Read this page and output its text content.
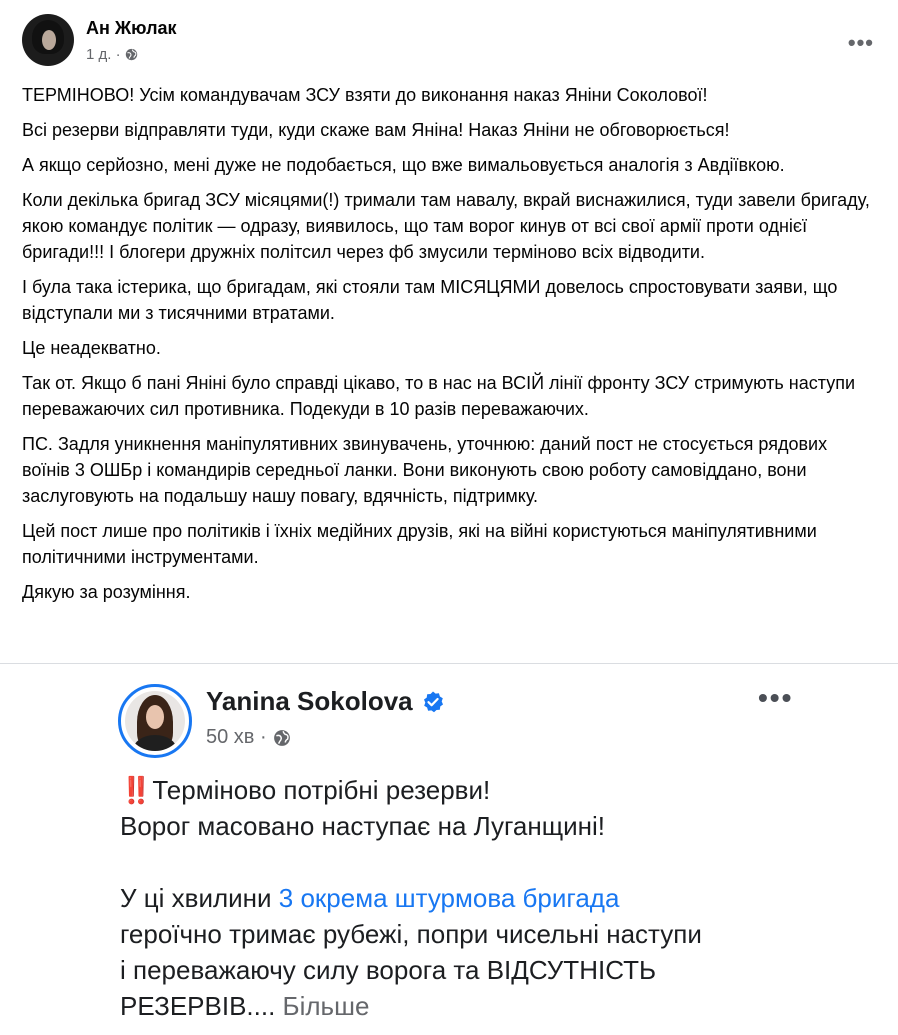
Ан Жюлак
1 д. ·	•••

ТЕРМІНОВО! Усім командувачам ЗСУ взяти до виконання наказ Яніни Соколової!

Всі резерви відправляти туди, куди скаже вам Яніна! Наказ Яніни не обговорюється!

А якщо серйозно, мені дуже не подобається, що вже вимальовується аналогія з Авдіївкою.

Коли декілька бригад ЗСУ місяцями(!) тримали там навалу, вкрай виснажилися, туди завели бригаду, якою командує політик — одразу, виявилось, що там ворог кинув от всі свої армії проти однієї бригади!!! І блогери дружніх політсил через фб змусили терміново всіх відводити.

І була така істерика, що бригадам, які стояли там МІСЯЦЯМИ довелось спростовувати заяви, що відступали ми з тисячними втратами.

Це неадекватно.

Так от. Якщо б пані Яніні було справді цікаво, то в нас на ВСІЙ лінії фронту ЗСУ стримують наступи переважаючих сил противника. Подекуди в 10 разів переважаючих.

ПС. Задля уникнення маніпулятивних звинувачень, уточнюю: даний пост не стосується рядових воїнів 3 ОШБр і командирів середньої ланки. Вони виконують свою роботу самовіддано, вони заслуговують на подальшу нашу повагу, вдячність, підтримку.

Цей пост лише про політиків і їхніх медійних друзів, які на війні користуються маніпулятивними політичними інструментами.

Дякую за розуміння.

Yanina Sokolova
50 хв ·
•••

‼️Терміново потрібні резерви!

Ворог масовано наступає на Луганщині!

У ці хвилини 3 окрема штурмова бригада

героїчно тримає рубежі, попри чисельні наступи

і переважаючу силу ворога та ВІДСУТНІСТЬ

РЕЗЕРВІВ.... Більше
